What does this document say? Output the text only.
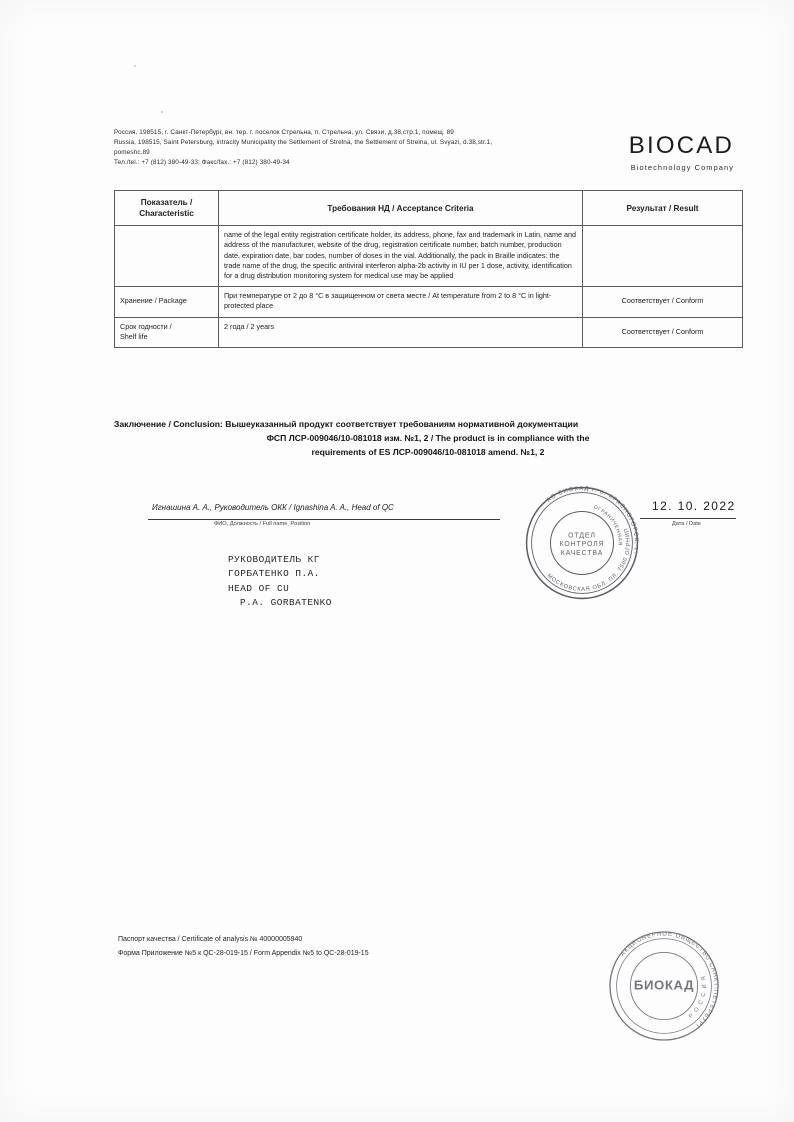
Россия, 198515, г. Санкт-Петербург, вн. тер. г. поселок Стрельна, п. Стрельна, ул. Связи, д.38,стр.1, помещ. 89
Russia, 198515, Saint Petersburg, intracity Municipality the Settlement of Strelna, the Settlement of Strelna, ul. Svyazi, d.38,str.1,
pomeshc.89
Тел./tel.: +7 (812) 380-49-33; Факс/fax.: +7 (812) 380-49-34
BIOCAD
Biotechnology Company
Показатель /
Characteristic	Требования НД / Acceptance Criteria	Результат / Result
	name of the legal entity registration certificate holder, its address, phone, fax and trademark in Latin, name and address of the manufacturer, website of the drug, registration certificate number, batch number, production date, expiration date, bar codes, number of doses in the vial. Additionally, the pack in Braille indicates: the trade name of the drug, the specific antiviral interferon alpha-2b activity in IU per 1 dose, activity, identification for a drug distribution monitoring system for medical use may be applied	
Хранение / Package	При температуре от 2 до 8 °С в защищенном от света месте / At temperature from 2 to 8 °C in light-protected place	Соответствует / Conform
Срок годности /
Shelf life	2 года / 2 years	Соответствует / Conform
Заключение / Conclusion: Вышеуказанный продукт соответствует требованиям нормативной документации
ФСП ЛСР-009046/10-081018 изм. №1, 2 / The product is in compliance with the
requirements of ES ЛСР-009046/10-081018 amend. №1, 2
Игнашина А. А., Руководитель ОКК / Ignashina A. A., Head of QC
ФИО, Должность / Full name, Position
12. 10. 2022
Дата / Date
РУКОВОДИТЕЛЬ КГ
ГОРБАТЕНКО П.А.
HEAD OF CU
P.A. GORBATENKO
АО БИОКАД г. о. КРАСНОГОРСК, с.
МОСКОВСКАЯ ОБЛ. ПЛ. 7500 ОГРНИП
ОГРАНИЧЕННАЯ
ОТДЕЛ
КОНТРОЛЯ
КАЧЕСТВА
АКЦИОНЕРНОЕ ОБЩЕСТВО САНКТ-ПЕТЕРБУРГ
Р О С С И Я
БИОКАД
Паспорт качества / Certificate of analysis № 40000005940
Форма Приложение №5 к QC-28-019-15 / Form Appendix №5 to QC-28-019-15
